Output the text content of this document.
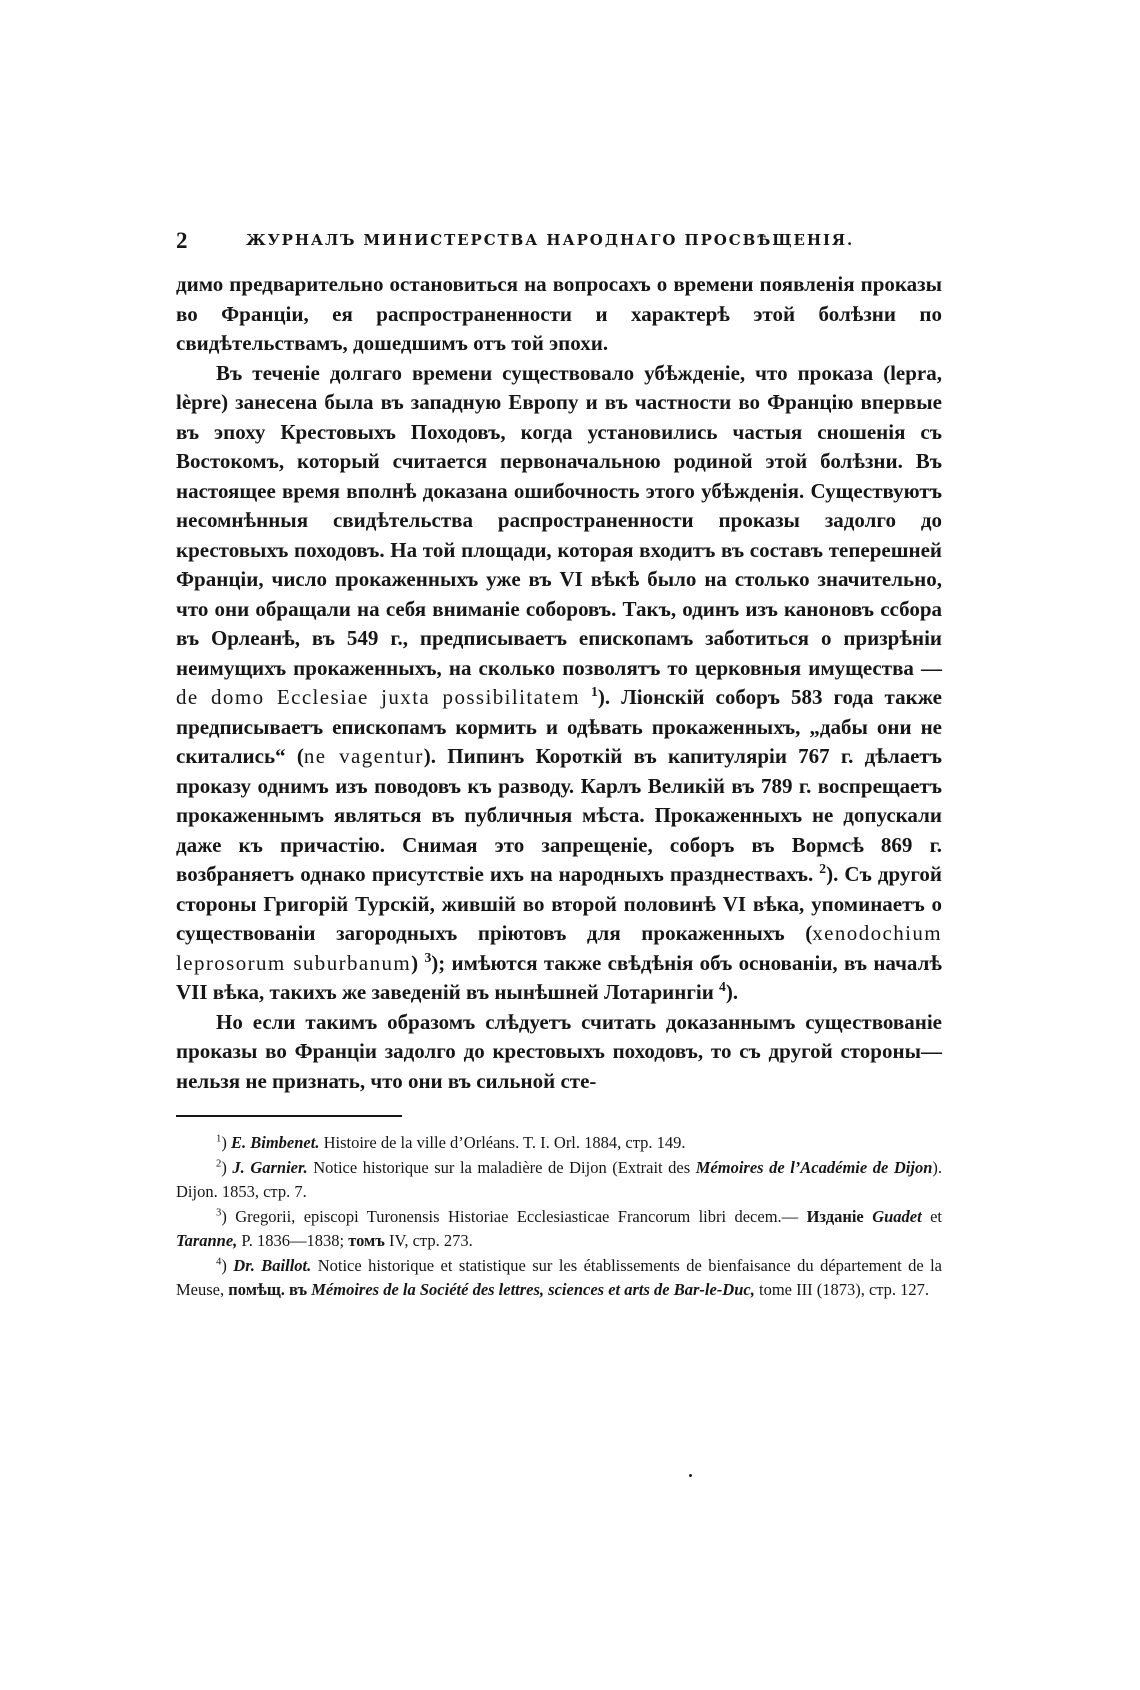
2	ЖУРНАЛЪ МИНИСТЕРСТВА НАРОДНАГО ПРОСВѢЩЕНІЯ.

димо предварительно остановиться на вопросахъ о времени появленія проказы во Франціи, ея распространенности и характерѣ этой болѣзни по свидѣтельствамъ, дошедшимъ отъ той эпохи.

Въ теченіе долгаго времени существовало убѣжденіе, что проказа (lepra, lèpre) занесена была въ западную Европу и въ частности во Францію впервые въ эпоху Крестовыхъ Походовъ, когда установились частыя сношенія съ Востокомъ, который считается первоначальною родиной этой болѣзни. Въ настоящее время вполнѣ доказана ошибочность этого убѣжденія. Существуютъ несомнѣнныя свидѣтельства распространенности проказы задолго до крестовыхъ походовъ. На той площади, которая входитъ въ составъ теперешней Франціи, число прокаженныхъ уже въ VI вѣкѣ было на столько значительно, что они обращали на себя вниманіе соборовъ. Такъ, одинъ изъ каноновъ ссбора въ Орлеанѣ, въ 549 г., предписываетъ епископамъ заботиться о призрѣніи неимущихъ прокаженныхъ, на сколько позволятъ то церковныя имущества — de domo Ecclesiae juxta possibilitatem $^1$). Ліонскій соборъ 583 года также предписываетъ епископамъ кормить и одѣвать прокаженныхъ, „дабы они не скитались“ (ne vagentur). Пипинъ Короткій въ капитуляріи 767 г. дѣлаетъ проказу однимъ изъ поводовъ къ разводу. Карлъ Великій въ 789 г. воспрещаетъ прокаженнымъ являться въ публичныя мѣста. Прокаженныхъ не допускали даже къ причастію. Снимая это запрещеніе, соборъ въ Вормсѣ 869 г. возбраняетъ однако присутствіе ихъ на народныхъ празднествахъ. $^2$). Съ другой стороны Григорій Турскій, жившій во второй половинѣ VI вѣка, упоминаетъ о существованіи загородныхъ пріютовъ для прокаженныхъ (xenodochium leprosorum suburbanum) $^3$); имѣются также свѣдѣнія объ основаніи, въ началѣ VII вѣка, такихъ же заведеній въ нынѣшней Лотарингіи $^4$).

Но если такимъ образомъ слѣдуетъ считать доказаннымъ существованіе проказы во Франціи задолго до крестовыхъ походовъ, то съ другой стороны—нельзя не признать, что они въ сильной сте-

$^1$) E. Bimbenet. Histoire de la ville d’Orléans. T. I. Orl. 1884, стр. 149.

$^2$) J. Garnier. Notice historique sur la maladière de Dijon (Extrait des Mémoires de l’Académie de Dijon). Dijon. 1853, стр. 7.

$^3$) Gregorii, episcopi Turonensis Historiae Ecclesiasticae Francorum libri decem.— Изданіе Guadet et Taranne, P. 1836—1838; томъ IV, стр. 273.

$^4$) Dr. Baillot. Notice historique et statistique sur les établissements de bienfaisance du département de la Meuse, помѣщ. въ Mémoires de la Société des lettres, sciences et arts de Bar-le-Duc, tome III (1873), стр. 127.
